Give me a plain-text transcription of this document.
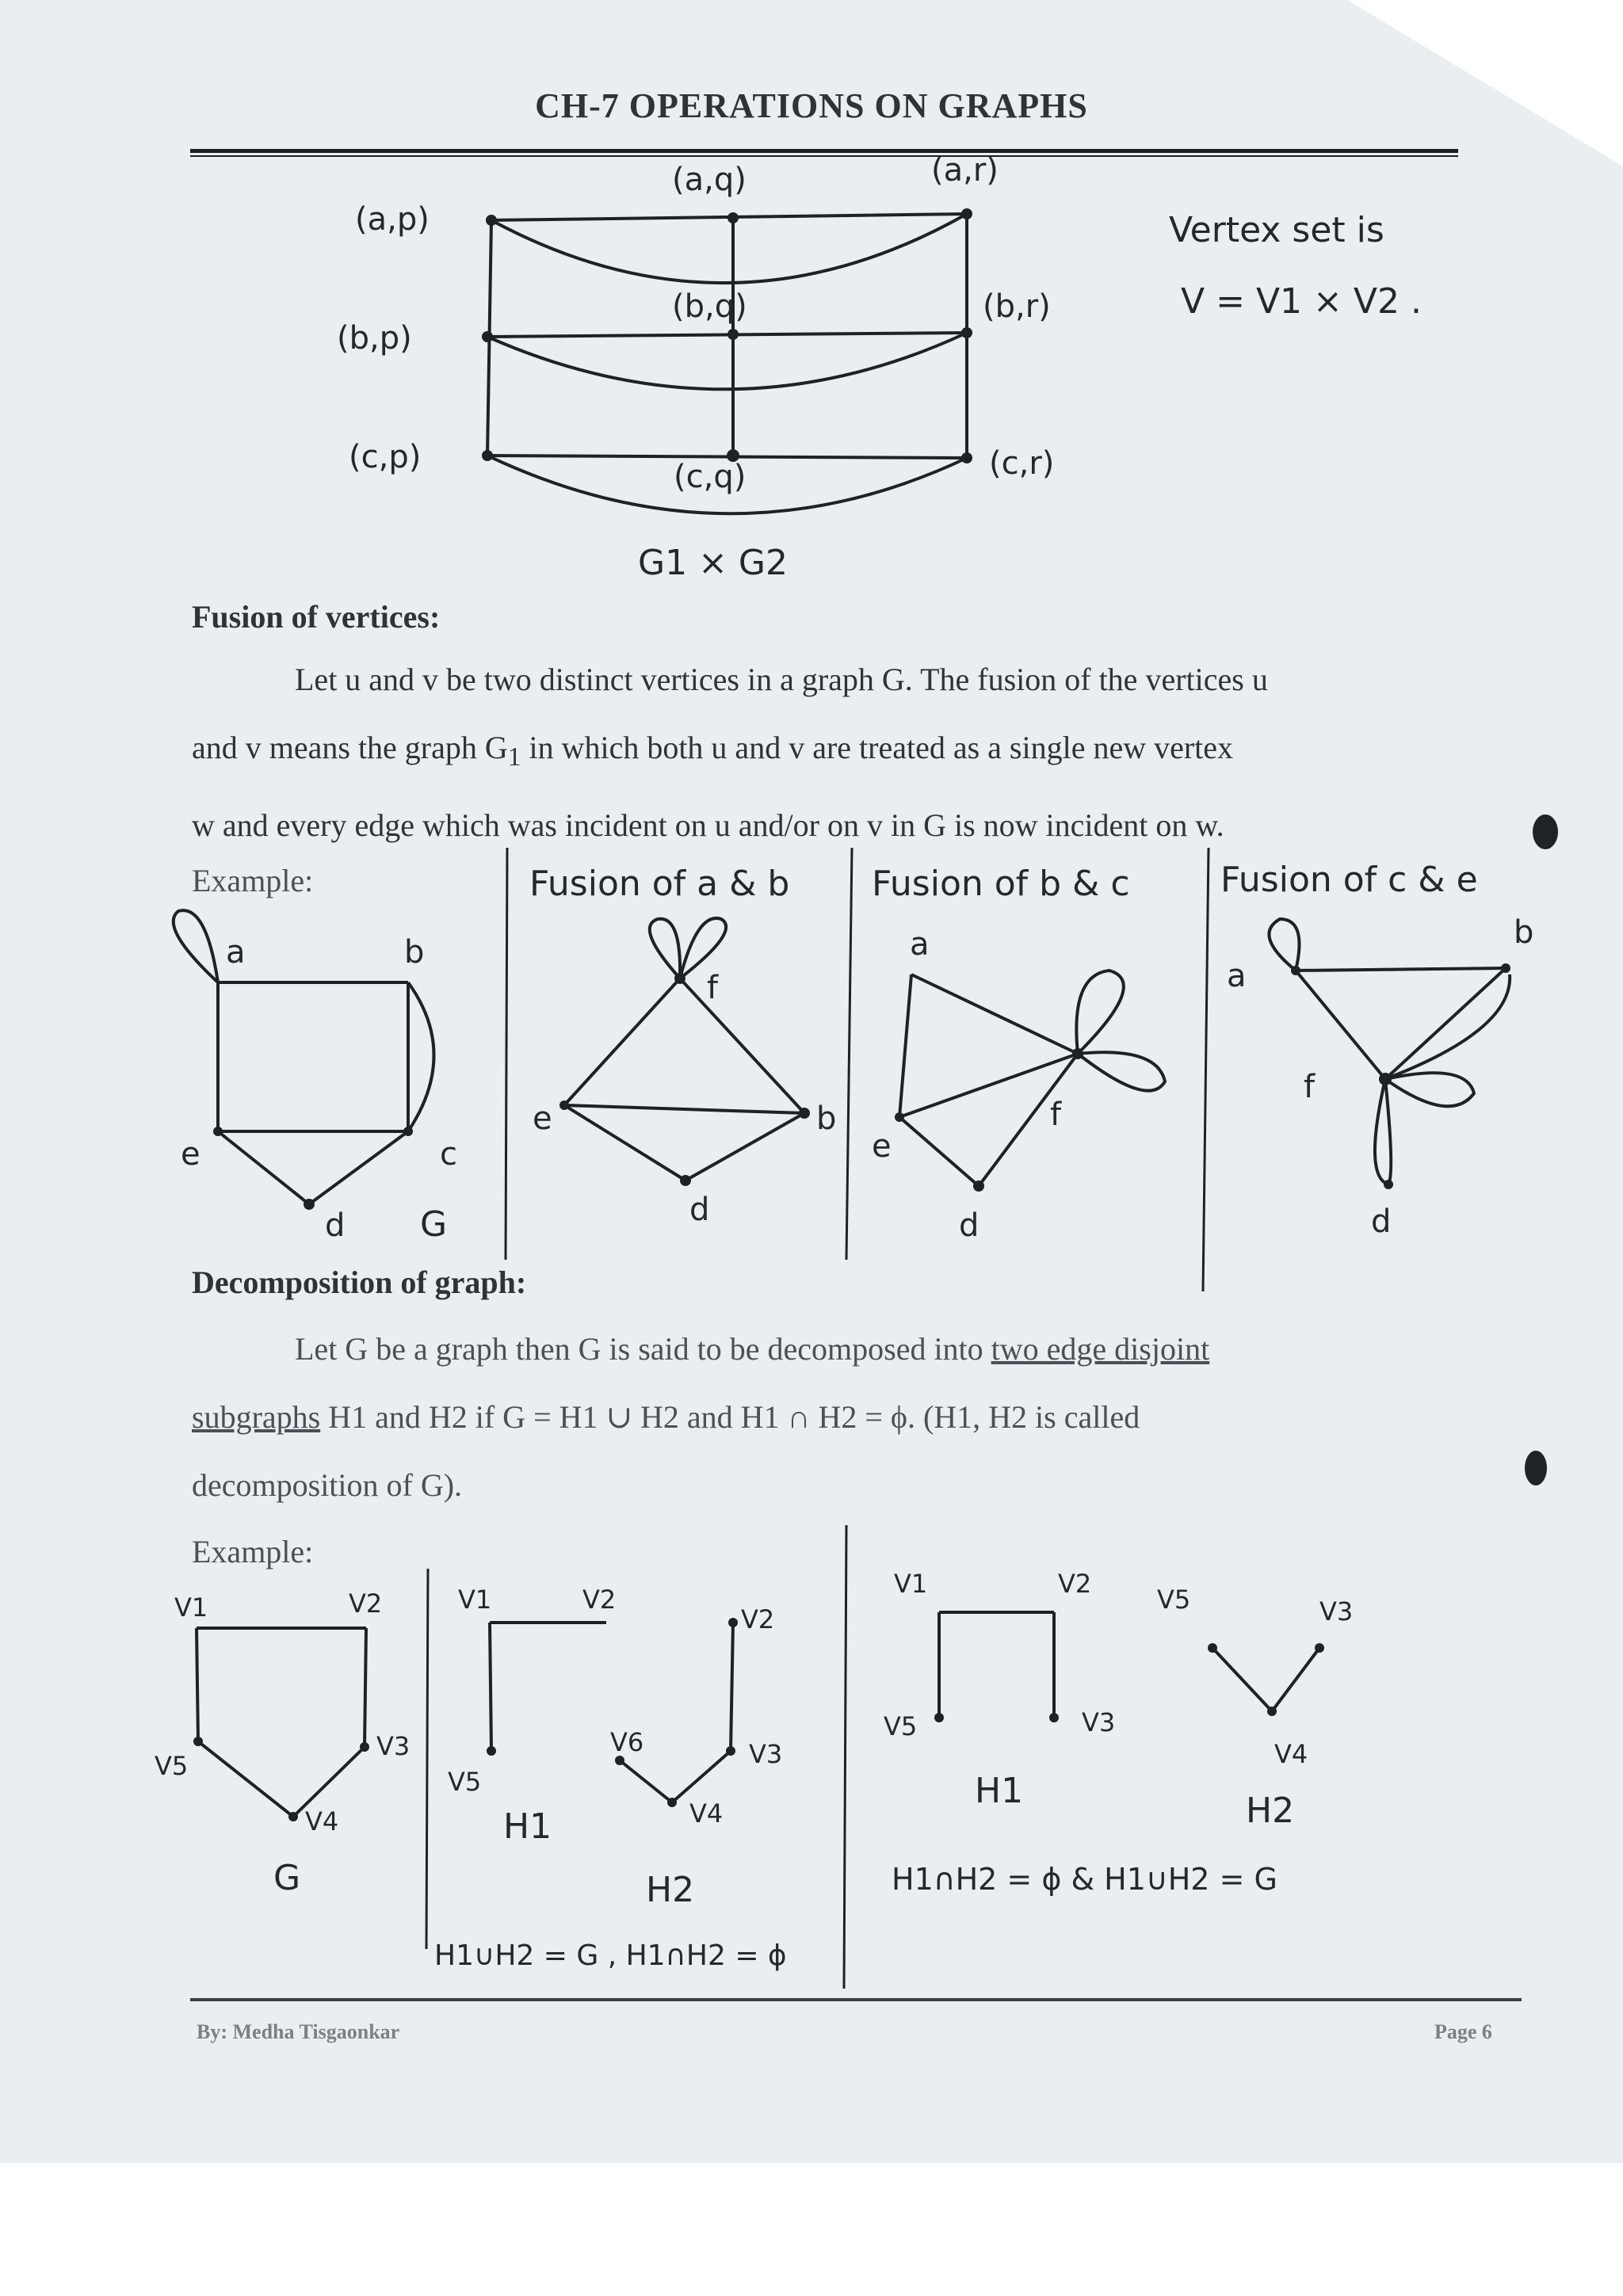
CH-7 OPERATIONS ON GRAPHS
(a,p)
(a,q)	(a,r)
(b,p)
(b,q)	(b,r)
(c,p)
(c,q)	(c,r)
G1 × G2
Vertex set is
V = V1 × V2 .
Fusion of a & b Fusion of b & c	Fusion of c & e
a	b
c
d
e
G
f
e	b
d
a
e
f
d
a
b
f
d
V1	V2
V3
V4
V5
G
V1	V2
V5
V6	V3
V4
V2
H1
H2
H1∪H2 = G , H1∩H2 = ϕ
V1	V2
V5	V3
V5	V3
V4
H1	H2
H1∩H2 = ϕ & H1∪H2 = G
Fusion of vertices:

Let u and v be two distinct vertices in a graph G. The fusion of the vertices u

and v means the graph $G_1$ in which both u and v are treated as a single new vertex

w and every edge which was incident on u and/or on v in G is now incident on w.

Example:
Decomposition of graph:

Let G be a graph then G is said to be decomposed into two edge disjoint

subgraphs H1 and H2 if G = H1 ∪ H2 and H1 ∩ H2 = ϕ. (H1, H2 is called

decomposition of G).

Example:
By: Medha Tisgaonkar	Page 6
